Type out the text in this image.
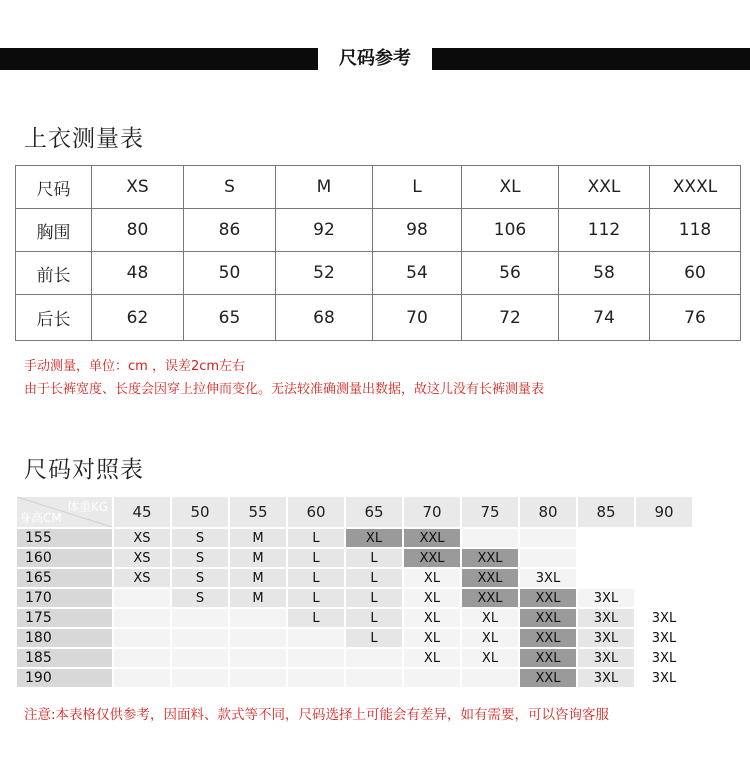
尺码参考
上衣测量表
尺码	XS	S	M	L	XL	XXL	XXXL
胸围	80	86	92	98	106	112	118
前长	48	50	52	54	56	58	60
后长	62	65	68	70	72	74	76
手动测量，单位：cm ，误差2cm左右
由于长裤宽度、长度会因穿上拉伸而变化。无法较准确测量出数据，故这儿没有长裤测量表
尺码对照表
体重KG
身高CM	45	50	55	60	65	70	75	80	85	90
155	XS	S	M	L	XL	XXL				
160	XS	S	M	L	L	XXL	XXL			
165	XS	S	M	L	L	XL	XXL	3XL		
170		S	M	L	L	XL	XXL	XXL	3XL	
175				L	L	XL	XL	XXL	3XL	3XL
180					L	XL	XL	XXL	3XL	3XL
185						XL	XL	XXL	3XL	3XL
190								XXL	3XL	3XL
注意:本表格仅供参考，因面料、款式等不同，尺码选择上可能会有差异，如有需要，可以咨询客服
